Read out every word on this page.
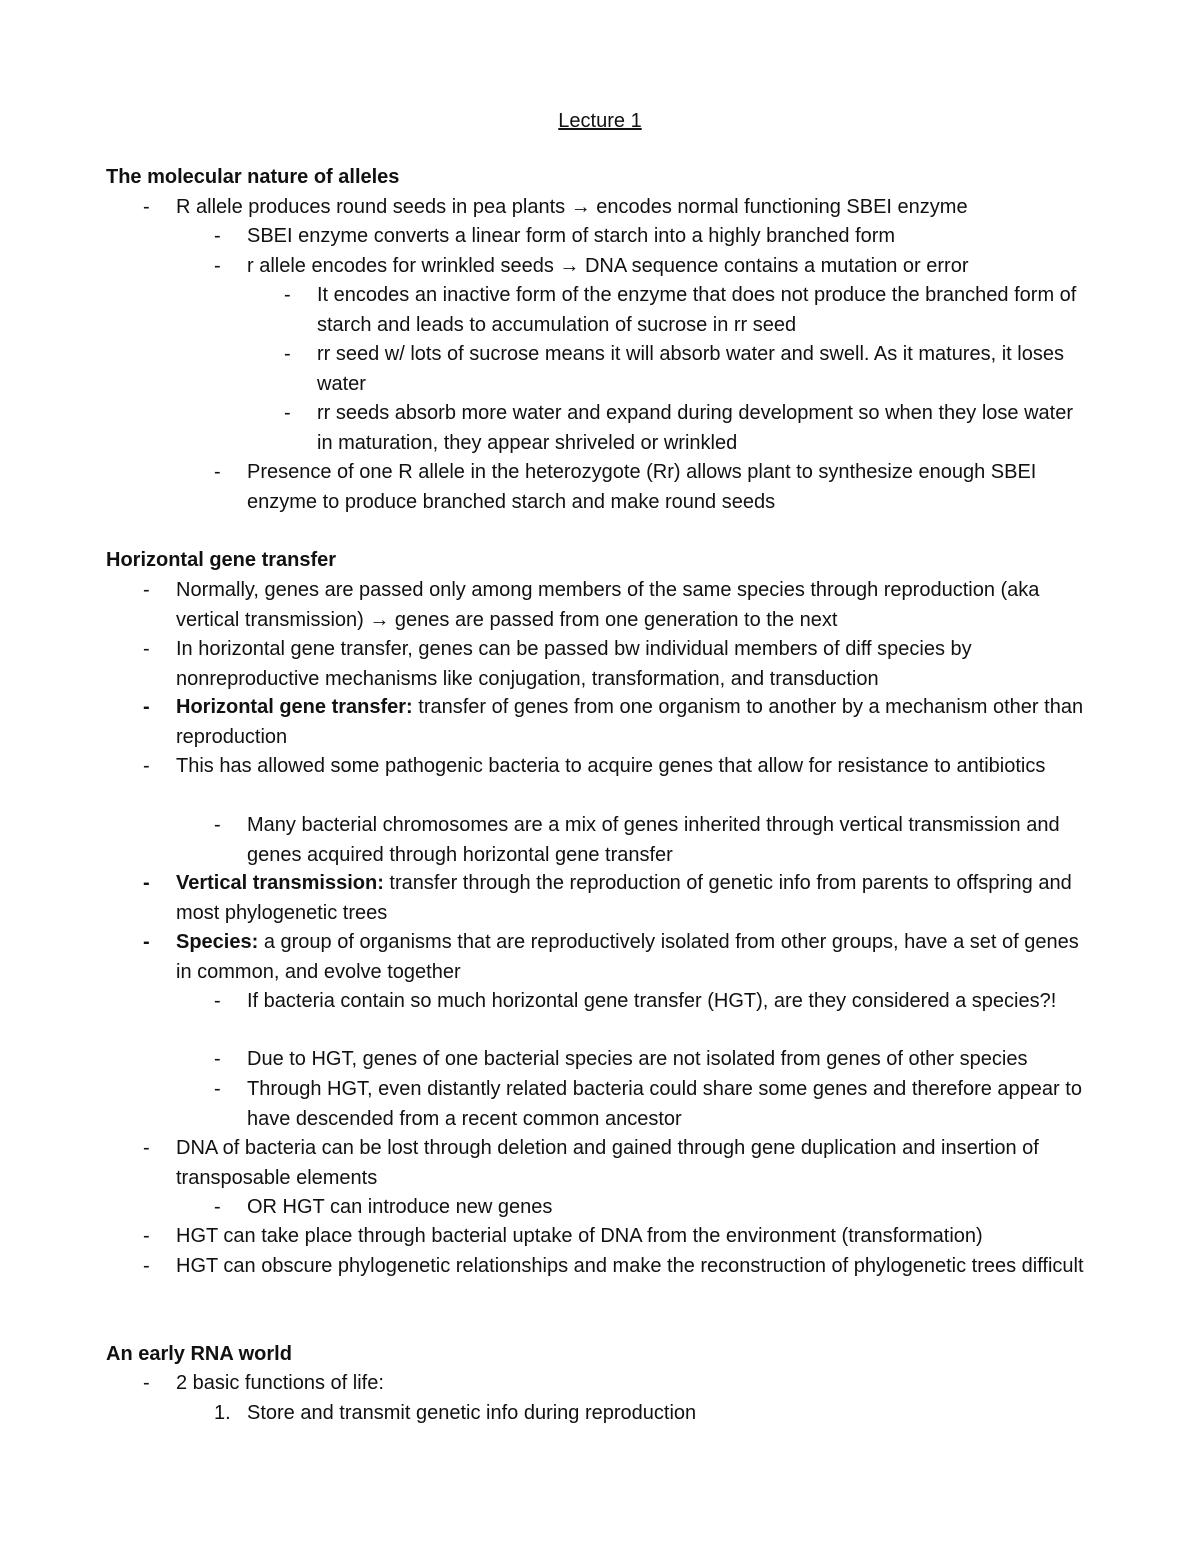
Lecture 1
The molecular nature of alleles
- R allele produces round seeds in pea plants → encodes normal functioning SBEI enzyme
- SBEI enzyme converts a linear form of starch into a highly branched form
- r allele encodes for wrinkled seeds → DNA sequence contains a mutation or error
- It encodes an inactive form of the enzyme that does not produce the branched form of starch and leads to accumulation of sucrose in rr seed
- rr seed w/ lots of sucrose means it will absorb water and swell. As it matures, it loses water
- rr seeds absorb more water and expand during development so when they lose water in maturation, they appear shriveled or wrinkled
- Presence of one R allele in the heterozygote (Rr) allows plant to synthesize enough SBEI enzyme to produce branched starch and make round seeds
Horizontal gene transfer
- Normally, genes are passed only among members of the same species through reproduction (aka vertical transmission) → genes are passed from one generation to the next
- In horizontal gene transfer, genes can be passed bw individual members of diff species by nonreproductive mechanisms like conjugation, transformation, and transduction
- Horizontal gene transfer: transfer of genes from one organism to another by a mechanism other than reproduction
- This has allowed some pathogenic bacteria to acquire genes that allow for resistance to antibiotics
- Many bacterial chromosomes are a mix of genes inherited through vertical transmission and genes acquired through horizontal gene transfer
- Vertical transmission: transfer through the reproduction of genetic info from parents to offspring and most phylogenetic trees
- Species: a group of organisms that are reproductively isolated from other groups, have a set of genes in common, and evolve together
- If bacteria contain so much horizontal gene transfer (HGT), are they considered a species?!
- Due to HGT, genes of one bacterial species are not isolated from genes of other species
- Through HGT, even distantly related bacteria could share some genes and therefore appear to have descended from a recent common ancestor
- DNA of bacteria can be lost through deletion and gained through gene duplication and insertion of transposable elements
- OR HGT can introduce new genes
- HGT can take place through bacterial uptake of DNA from the environment (transformation)
- HGT can obscure phylogenetic relationships and make the reconstruction of phylogenetic trees difficult
An early RNA world
- 2 basic functions of life:
1. Store and transmit genetic info during reproduction
